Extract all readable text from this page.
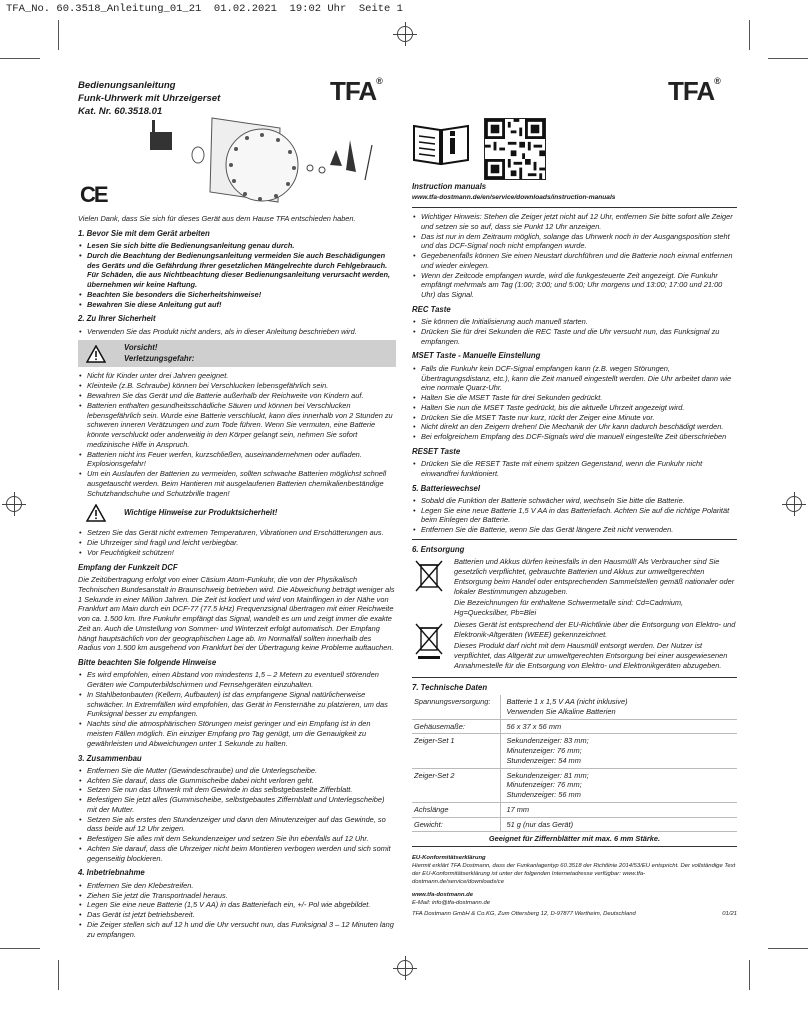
TFA_No. 60.3518_Anleitung_01_21  01.02.2021  19:02 Uhr  Seite 1
Bedienungsanleitung
Funk-Uhrwerk mit Uhrzeigerset
Kat. Nr. 60.3518.01
TFA®	TFA®
CE

Vielen Dank, dass Sie sich für dieses Gerät aus dem Hause TFA entschieden haben.

1. Bevor Sie mit dem Gerät arbeiten
• Lesen Sie sich bitte die Bedienungsanleitung genau durch.
• Durch die Beachtung der Bedienungsanleitung vermeiden Sie auch Beschädigungen des Geräts und die Gefährdung Ihrer gesetzlichen Mängelrechte durch Fehlgebrauch. Für Schäden, die aus Nichtbeachtung dieser Bedienungsanleitung verursacht werden, übernehmen wir keine Haftung.
• Beachten Sie besonders die Sicherheitshinweise!
• Bewahren Sie diese Anleitung gut auf!
2. Zu Ihrer Sicherheit
• Verwenden Sie das Produkt nicht anders, als in dieser Anleitung beschrieben wird.
Vorsicht!
Verletzungsgefahr:
• Nicht für Kinder unter drei Jahren geeignet.
• Kleinteile (z.B. Schraube) können bei Verschlucken lebensgefährlich sein.
• Bewahren Sie das Gerät und die Batterie außerhalb der Reichweite von Kindern auf.
• Batterien enthalten gesundheitsschädliche Säuren und können bei Verschlucken lebensgefährlich sein. Wurde eine Batterie verschluckt, kann dies innerhalb von 2 Stunden zu schweren inneren Verätzungen und zum Tode führen. Wenn Sie vermuten, eine Batterie könnte verschluckt oder anderweitig in den Körper gelangt sein, nehmen Sie sofort medizinische Hilfe in Anspruch.
• Batterien nicht ins Feuer werfen, kurzschließen, auseinandernehmen oder aufladen. Explosionsgefahr!
• Um ein Auslaufen der Batterien zu vermeiden, sollten schwache Batterien möglichst schnell ausgetauscht werden. Beim Hantieren mit ausgelaufenen Batterien chemikalienbeständige Schutzhandschuhe und Schutzbrille tragen!
Wichtige Hinweise zur Produktsicherheit!
• Setzen Sie das Gerät nicht extremen Temperaturen, Vibrationen und Erschütterungen aus.
• Die Uhrzeiger sind fragil und leicht verbiegbar.
• Vor Feuchtigkeit schützen!
Empfang der Funkzeit DCF

Die Zeitübertragung erfolgt von einer Cäsium Atom-Funkuhr, die von der Physikalisch Technischen Bundesanstalt in Braunschweig betrieben wird. Die Abweichung beträgt weniger als 1 Sekunde in einer Million Jahren. Die Zeit ist kodiert und wird von Mainflingen in der Nähe von Frankfurt am Main durch ein DCF-77 (77.5 kHz) Frequenzsignal übertragen mit einer Reichweite von ca. 1.500 km. Ihre Funkuhr empfängt das Signal, wandelt es um und zeigt immer die exakte Zeit an. Auch die Umstellung von Sommer- und Winterzeit erfolgt automatisch. Der Empfang hängt hauptsächlich von der geographischen Lage ab. Im Normalfall sollten innerhalb des Radius von 1.500 km ausgehend von Frankfurt bei der Übertragung keine Probleme auftauchen.

Bitte beachten Sie folgende Hinweise
• Es wird empfohlen, einen Abstand von mindestens 1,5 – 2 Metern zu eventuell störenden Geräten wie Computerbildschirmen und Fernsehgeräten einzuhalten.
• In Stahlbetonbauten (Kellern, Aufbauten) ist das empfangene Signal natürlicherweise schwächer. In Extremfällen wird empfohlen, das Gerät in Fensternähe zu platzieren, um das Funksignal besser zu empfangen.
• Nachts sind die atmosphärischen Störungen meist geringer und ein Empfang ist in den meisten Fällen möglich. Ein einziger Empfang pro Tag genügt, um die Genauigkeit zu gewährleisten und Abweichungen unter 1 Sekunde zu halten.
3. Zusammenbau
• Entfernen Sie die Mutter (Gewindeschraube) und die Unterlegscheibe.
• Achten Sie darauf, dass die Gummischeibe dabei nicht verloren geht.
• Setzen Sie nun das Uhrwerk mit dem Gewinde in das selbstgebastelte Zifferblatt.
• Befestigen Sie jetzt alles (Gummischeibe, selbstgebautes Ziffernblatt und Unterlegscheibe) mit der Mutter.
• Setzen Sie als erstes den Stundenzeiger und dann den Minutenzeiger auf das Gewinde, so dass beide auf 12 Uhr zeigen.
• Befestigen Sie alles mit dem Sekundenzeiger und setzen Sie ihn ebenfalls auf 12 Uhr.
• Achten Sie darauf, dass die Uhrzeiger nicht beim Montieren verbogen werden und sich somit gegenseitig blockieren.
4. Inbetriebnahme
• Entfernen Sie den Klebestreifen.
• Ziehen Sie jetzt die Transportnadel heraus.
• Legen Sie eine neue Batterie (1,5 V AA) in das Batteriefach ein, +/- Pol wie abgebildet.
• Das Gerät ist jetzt betriebsbereit.
• Die Zeiger stellen sich auf 12 h und die Uhr versucht nun, das Funksignal 3 – 12 Minuten lang zu empfangen.
Instruction manuals

www.tfa-dostmann.de/en/service/downloads/instruction-manuals

• Wichtiger Hinweis: Stehen die Zeiger jetzt nicht auf 12 Uhr, entfernen Sie bitte sofort alle Zeiger und setzen sie so auf, dass sie Punkt 12 Uhr anzeigen.
• Das ist nur in dem Zeitraum möglich, solange das Uhrwerk noch in der Ausgangsposition steht und das DCF-Signal noch nicht empfangen wurde.
• Gegebenenfalls können Sie einen Neustart durchführen und die Batterie noch einmal entfernen und wieder einlegen.
• Wenn der Zeitcode empfangen wurde, wird die funkgesteuerte Zeit angezeigt. Die Funkuhr empfängt mehrmals am Tag (1:00; 3:00; und 5:00; Uhr morgens und 13:00; 17:00 und 21:00 Uhr) das Signal.
REC Taste
• Sie können die Initialisierung auch manuell starten.
• Drücken Sie für drei Sekunden die REC Taste und die Uhr versucht nun, das Funksignal zu empfangen.
MSET Taste - Manuelle Einstellung
• Falls die Funkuhr kein DCF-Signal empfangen kann (z.B. wegen Störungen, Übertragungsdistanz, etc.), kann die Zeit manuell eingestellt werden. Die Uhr arbeitet dann wie eine normale Quarz-Uhr.
• Halten Sie die MSET Taste für drei Sekunden gedrückt.
• Halten Sie nun die MSET Taste gedrückt, bis die aktuelle Uhrzeit angezeigt wird.
• Drücken Sie die MSET Taste nur kurz, rückt der Zeiger eine Minute vor.
• Nicht direkt an den Zeigern drehen! Die Mechanik der Uhr kann dadurch beschädigt werden.
• Bei erfolgreichem Empfang des DCF-Signals wird die manuell eingestellte Zeit überschrieben
RESET Taste
• Drücken Sie die RESET Taste mit einem spitzen Gegenstand, wenn die Funkuhr nicht einwandfrei funktioniert.
5. Batteriewechsel
• Sobald die Funktion der Batterie schwächer wird, wechseln Sie bitte die Batterie.
• Legen Sie eine neue Batterie 1,5 V AA in das Batteriefach. Achten Sie auf die richtige Polarität beim Einlegen der Batterie.
• Entfernen Sie die Batterie, wenn Sie das Gerät längere Zeit nicht verwenden.
6. Entsorgung

Batterien und Akkus dürfen keinesfalls in den Hausmüll! Als Verbraucher sind Sie gesetzlich verpflichtet, gebrauchte Batterien und Akkus zur umweltgerechten Entsorgung beim Handel oder entsprechenden Sammelstellen gemäß nationaler oder lokaler Bestimmungen abzugeben.

Die Bezeichnungen für enthaltene Schwermetalle sind: Cd=Cadmium, Hg=Quecksilber, Pb=Blei

Dieses Gerät ist entsprechend der EU-Richtlinie über die Entsorgung von Elektro- und Elektronik-Altgeräten (WEEE) gekennzeichnet.

Dieses Produkt darf nicht mit dem Hausmüll entsorgt werden. Der Nutzer ist verpflichtet, das Altgerät zur umweltgerechten Entsorgung bei einer ausgewiesenen Annahmestelle für die Entsorgung von Elektro- und Elektronikgeräten abzugeben.

7. Technische Daten
Spannungsversorgung:	Batterie 1 x 1,5 V AA (nicht inklusive)
Verwenden Sie Alkaline Batterien

Gehäusemaße:	56 x 37 x 56 mm

Zeiger-Set 1	Sekundenzeiger: 83 mm;
Minutenzeiger: 76 mm;
Stundenzeiger: 54 mm

Zeiger-Set 2	Sekundenzeiger: 81 mm;
Minutenzeiger: 76 mm;
Stundenzeiger: 56 mm

Achslänge	17 mm

Gewicht:	51 g (nur das Gerät)

Geeignet für Ziffernblätter mit max. 6 mm Stärke.	
EU-Konformitätserklärung
Hiermit erklärt TFA Dostmann, dass der Funkanlagentyp 60.3518 der Richtlinie 2014/53/EU entspricht. Der vollständige Text der EU-Konformitätserklärung ist unter der folgenden Internetadresse verfügbar: www.tfa-dostmann.de/service/downloads/ce
www.tfa-dostmann.de
E-Mail: info@tfa-dostmann.de
TFA Dostmann GmbH & Co.KG, Zum Ottersberg 12, D-97877 Wertheim, Deutschland	01/21
